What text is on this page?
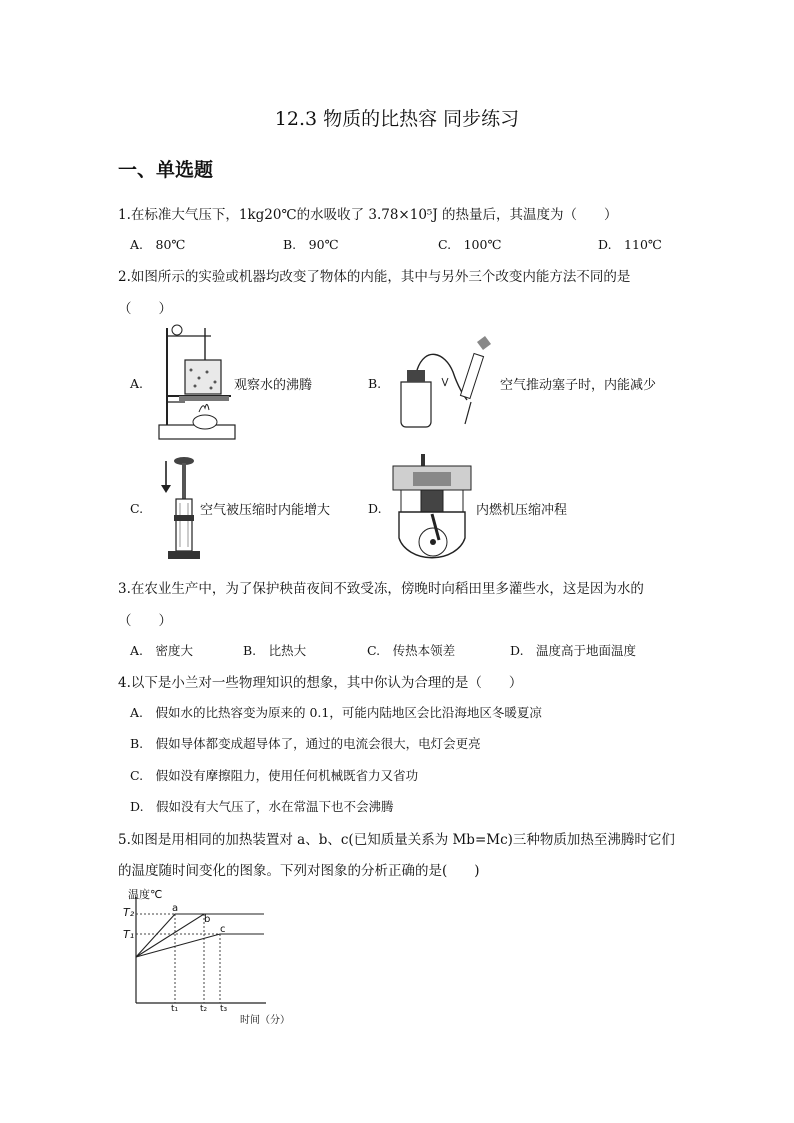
12.3 物质的比热容 同步练习
一、单选题
1.在标准大气压下，1kg20℃的水吸收了 3.78×10⁵J 的热量后，其温度为（　　）
A.　80℃	B.　90℃	C.　100℃	D.　110℃
2.如图所示的实验或机器均改变了物体的内能，其中与另外三个改变内能方法不同的是
（　　）
A.	观察水的沸腾	B.	空气推动塞子时，内能减少
C.	空气被压缩时内能增大	D.	内燃机压缩冲程
3.在农业生产中，为了保护秧苗夜间不致受冻，傍晚时向稻田里多灌些水，这是因为水的
（　　）
A.　密度大	B.　比热大	C.　传热本领差	D.　温度高于地面温度
4.以下是小兰对一些物理知识的想象，其中你认为合理的是（　　）
A.　假如水的比热容变为原来的 0.1，可能内陆地区会比沿海地区冬暖夏凉
B.　假如导体都变成超导体了，通过的电流会很大，电灯会更亮
C.　假如没有摩擦阻力，使用任何机械既省力又省功
D.　假如没有大气压了，水在常温下也不会沸腾
5.如图是用相同的加热装置对 a、b、c(已知质量关系为 Mb=Mc)三种物质加热至沸腾时它们
的温度随时间变化的图象。下列对图象的分析正确的是(　　)
温度℃
时间（分）
T₂
T₁
t₁ t₂ t₃
a
b
c
